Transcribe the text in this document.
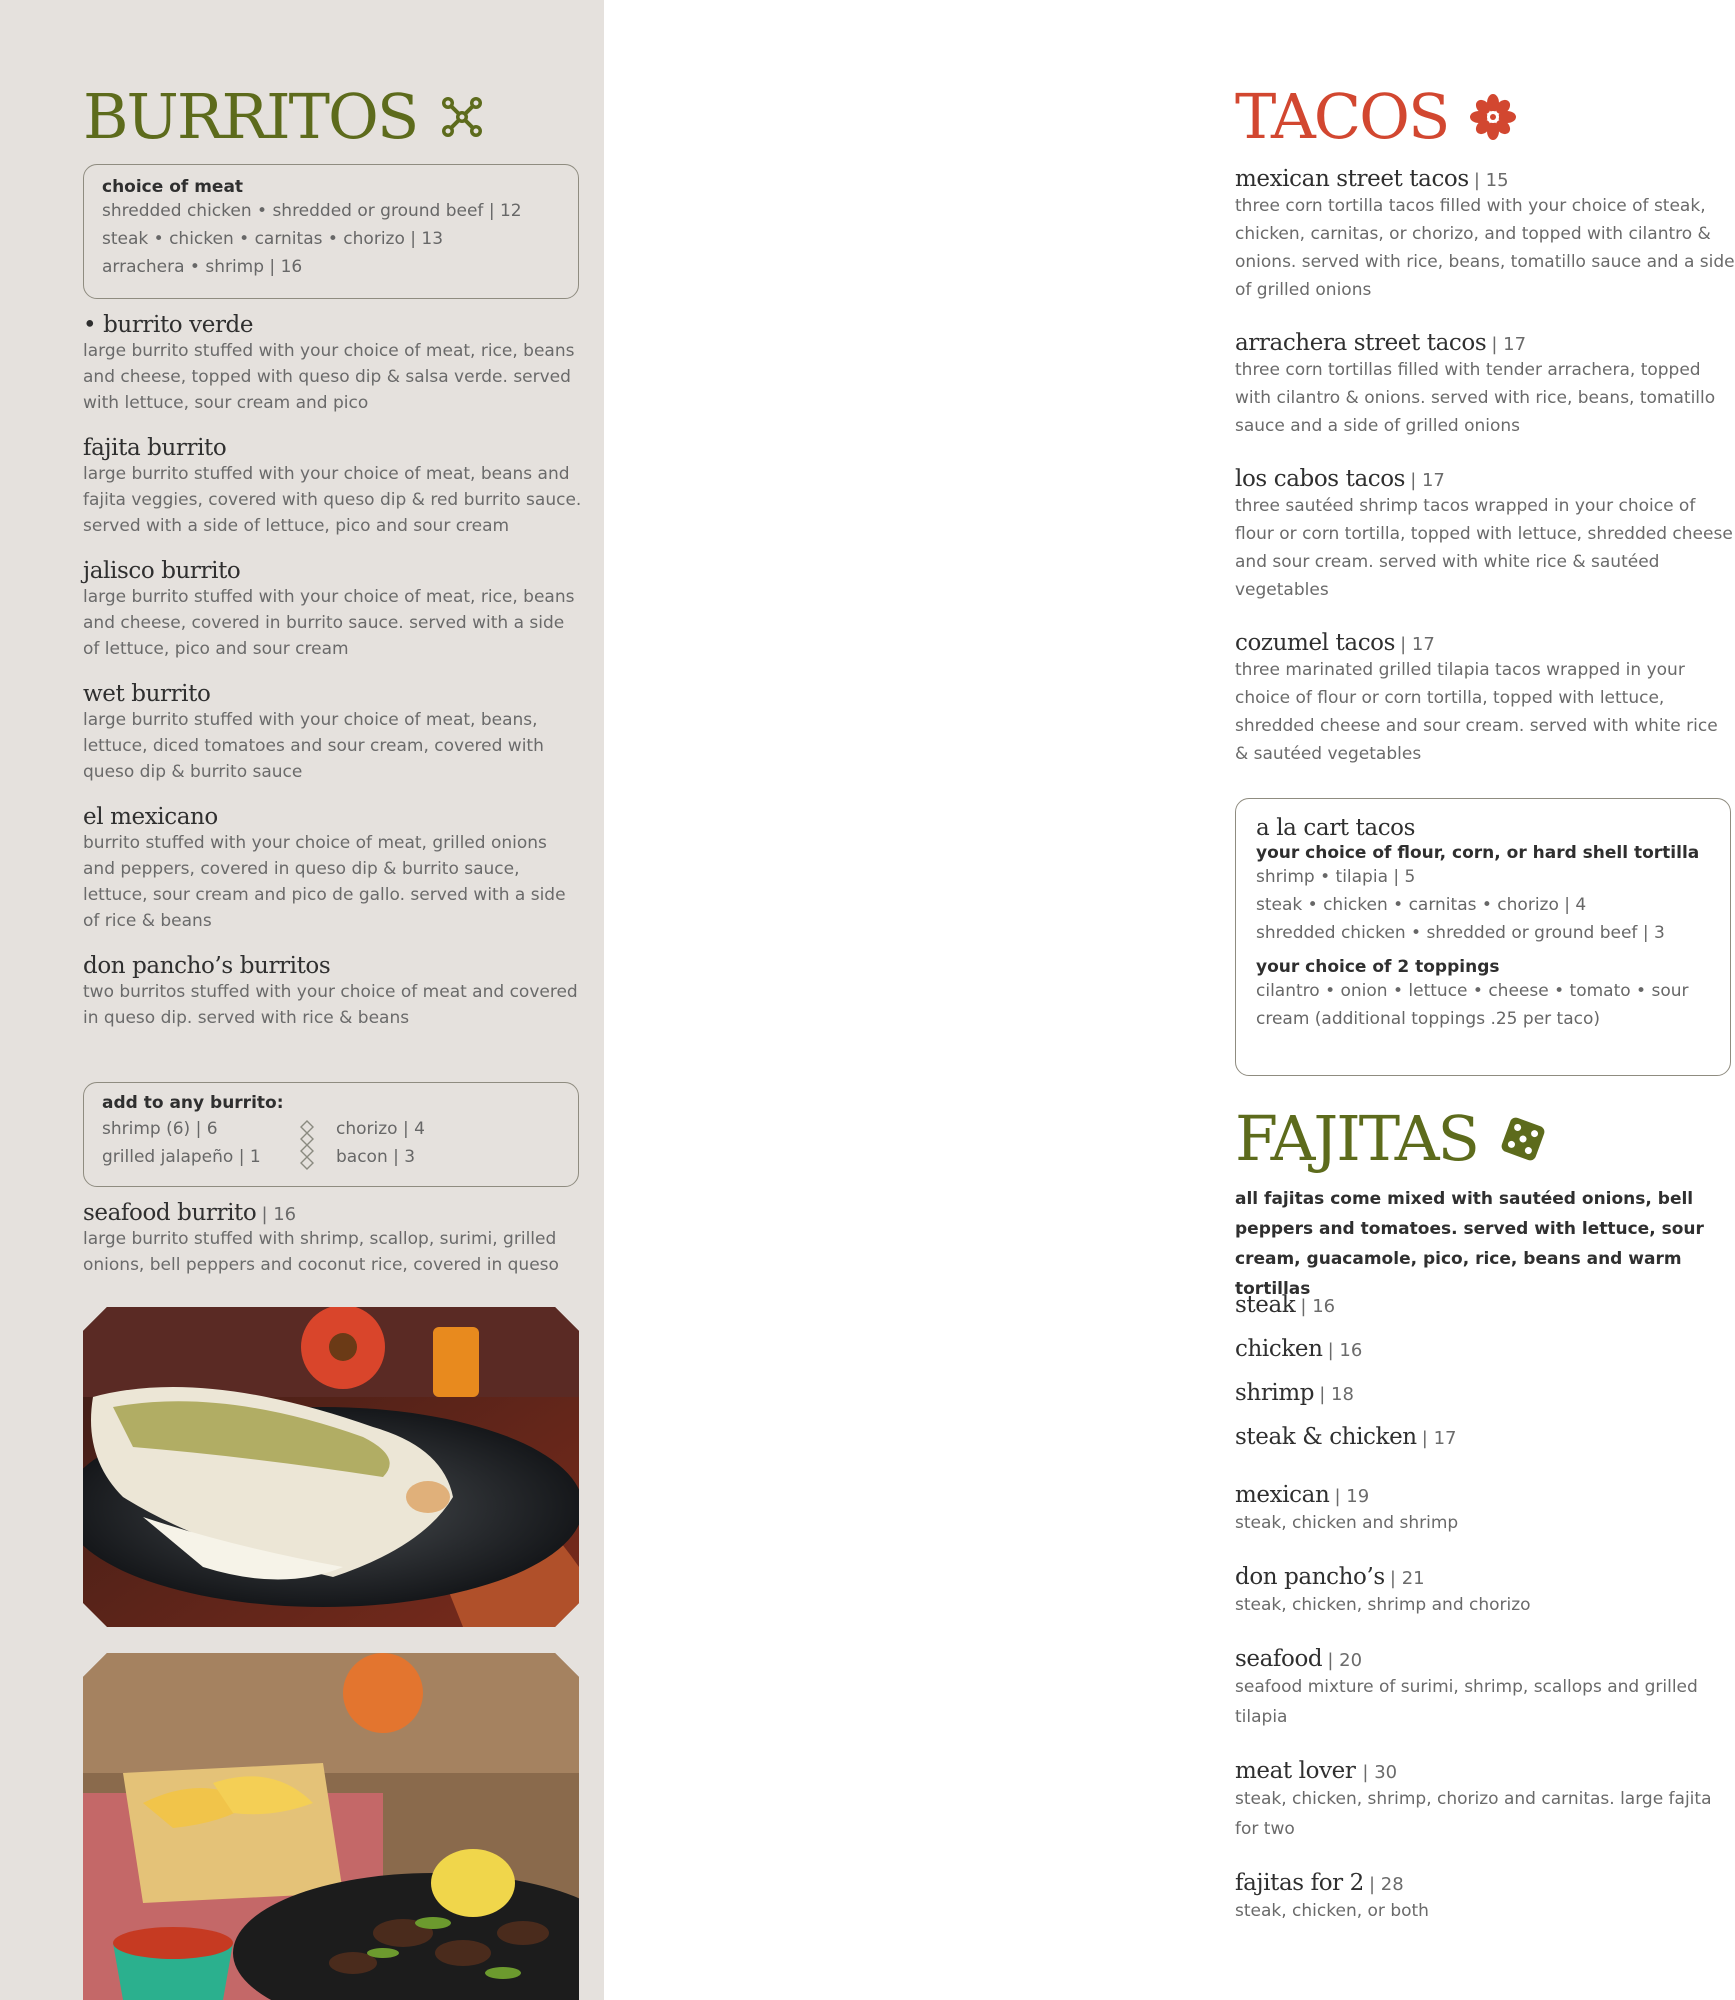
BURRITOS
choice of meat
shredded chicken • shredded or ground beef | 12
steak • chicken • carnitas • chorizo | 13
arrachera • shrimp | 16
• burrito verde
large burrito stuffed with your choice of meat, rice, beans and cheese, topped with queso dip & salsa verde. served with lettuce, sour cream and pico
fajita burrito
large burrito stuffed with your choice of meat, beans and fajita veggies, covered with queso dip & red burrito sauce. served with a side of lettuce, pico and sour cream
jalisco burrito
large burrito stuffed with your choice of meat, rice, beans and cheese, covered in burrito sauce. served with a side of lettuce, pico and sour cream
wet burrito
large burrito stuffed with your choice of meat, beans, lettuce, diced tomatoes and sour cream, covered with queso dip & burrito sauce
el mexicano
burrito stuffed with your choice of meat, grilled onions and peppers, covered in queso dip & burrito sauce, lettuce, sour cream and pico de gallo. served with a side of rice & beans
don pancho’s burritos
two burritos stuffed with your choice of meat and covered in queso dip. served with rice & beans
add to any burrito:
shrimp (6) | 6
grilled jalapeño | 1
chorizo | 4
bacon | 3
seafood burrito | 16
large burrito stuffed with shrimp, scallop, surimi, grilled onions, bell peppers and coconut rice, covered in queso
TACOS
mexican street tacos | 15
three corn tortilla tacos filled with your choice of steak, chicken, carnitas, or chorizo, and topped with cilantro & onions. served with rice, beans, tomatillo sauce and a side of grilled onions
arrachera street tacos | 17
three corn tortillas filled with tender arrachera, topped with cilantro & onions. served with rice, beans, tomatillo sauce and a side of grilled onions
los cabos tacos | 17
three sautéed shrimp tacos wrapped in your choice of flour or corn tortilla, topped with lettuce, shredded cheese and sour cream. served with white rice & sautéed vegetables
cozumel tacos | 17
three marinated grilled tilapia tacos wrapped in your choice of flour or corn tortilla, topped with lettuce, shredded cheese and sour cream. served with white rice & sautéed vegetables
a la cart tacos
your choice of flour, corn, or hard shell tortilla
shrimp • tilapia | 5
steak • chicken • carnitas • chorizo | 4
shredded chicken • shredded or ground beef | 3
your choice of 2 toppings
cilantro • onion • lettuce • cheese • tomato • sour cream (additional toppings .25 per taco)
FAJITAS
all fajitas come mixed with sautéed onions, bell peppers and tomatoes. served with lettuce, sour cream, guacamole, pico, rice, beans and warm tortillas
steak | 16
chicken | 16
shrimp | 18
steak & chicken | 17
mexican | 19
steak, chicken and shrimp
don pancho’s | 21
steak, chicken, shrimp and chorizo
seafood | 20
seafood mixture of surimi, shrimp, scallops and grilled tilapia
meat lover | 30
steak, chicken, shrimp, chorizo and carnitas. large fajita for two
fajitas for 2 | 28
steak, chicken, or both
